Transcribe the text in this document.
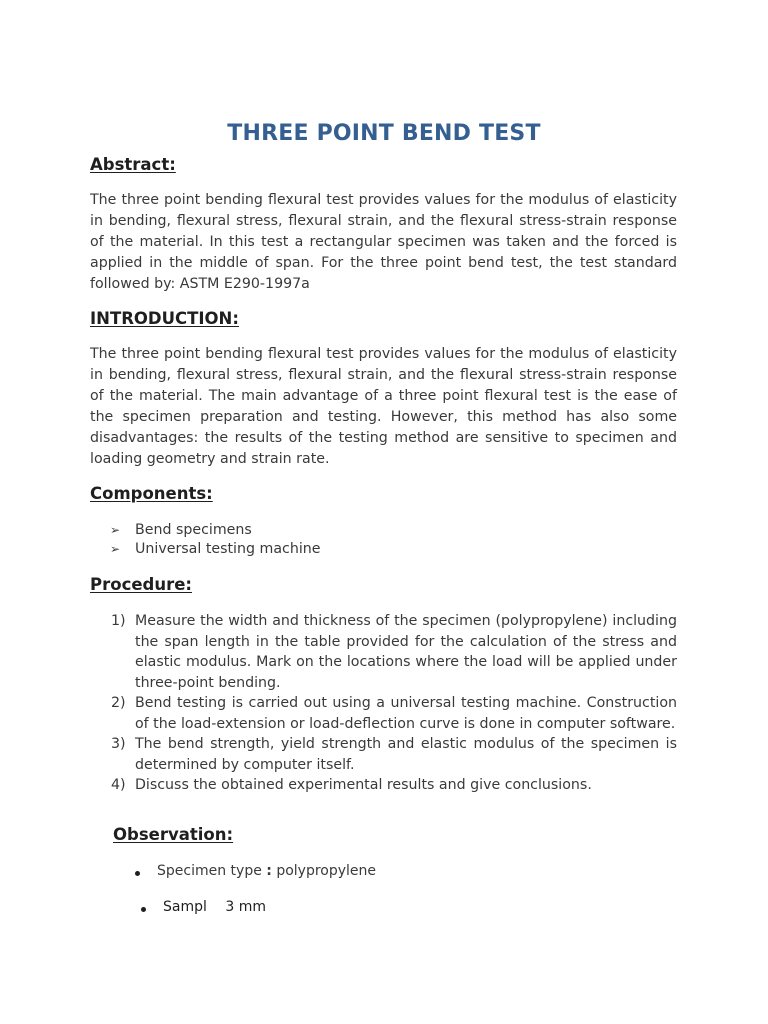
THREE POINT BEND TEST
Abstract:

The three point bending flexural test provides values for the modulus of elasticity in bending, flexural stress, flexural strain, and the flexural stress-strain response of the material. In this test a rectangular specimen was taken and the forced is applied in the middle of span. For the three point bend test, the test standard followed by: ASTM E290-1997a

INTRODUCTION:

The three point bending flexural test provides values for the modulus of elasticity in bending, flexural stress, flexural strain, and the flexural stress-strain response of the material. The main advantage of a three point flexural test is the ease of the specimen preparation and testing. However, this method has also some disadvantages: the results of the testing method are sensitive to specimen and loading geometry and strain rate.

Components:
➢ Bend specimens
➢ Universal testing machine
Procedure:
1) Measure the width and thickness of the specimen (polypropylene) including the span length in the table provided for the calculation of the stress and elastic modulus. Mark on the locations where the load will be applied under three-point bending.
2) Bend testing is carried out using a universal testing machine. Construction of the load-extension or load-deflection curve is done in computer software.
3) The bend strength, yield strength and elastic modulus of the specimen is determined by computer itself.
4) Discuss the obtained experimental results and give conclusions.
Observation:
Specimen type : polypropylene
Sampl 3 mm
